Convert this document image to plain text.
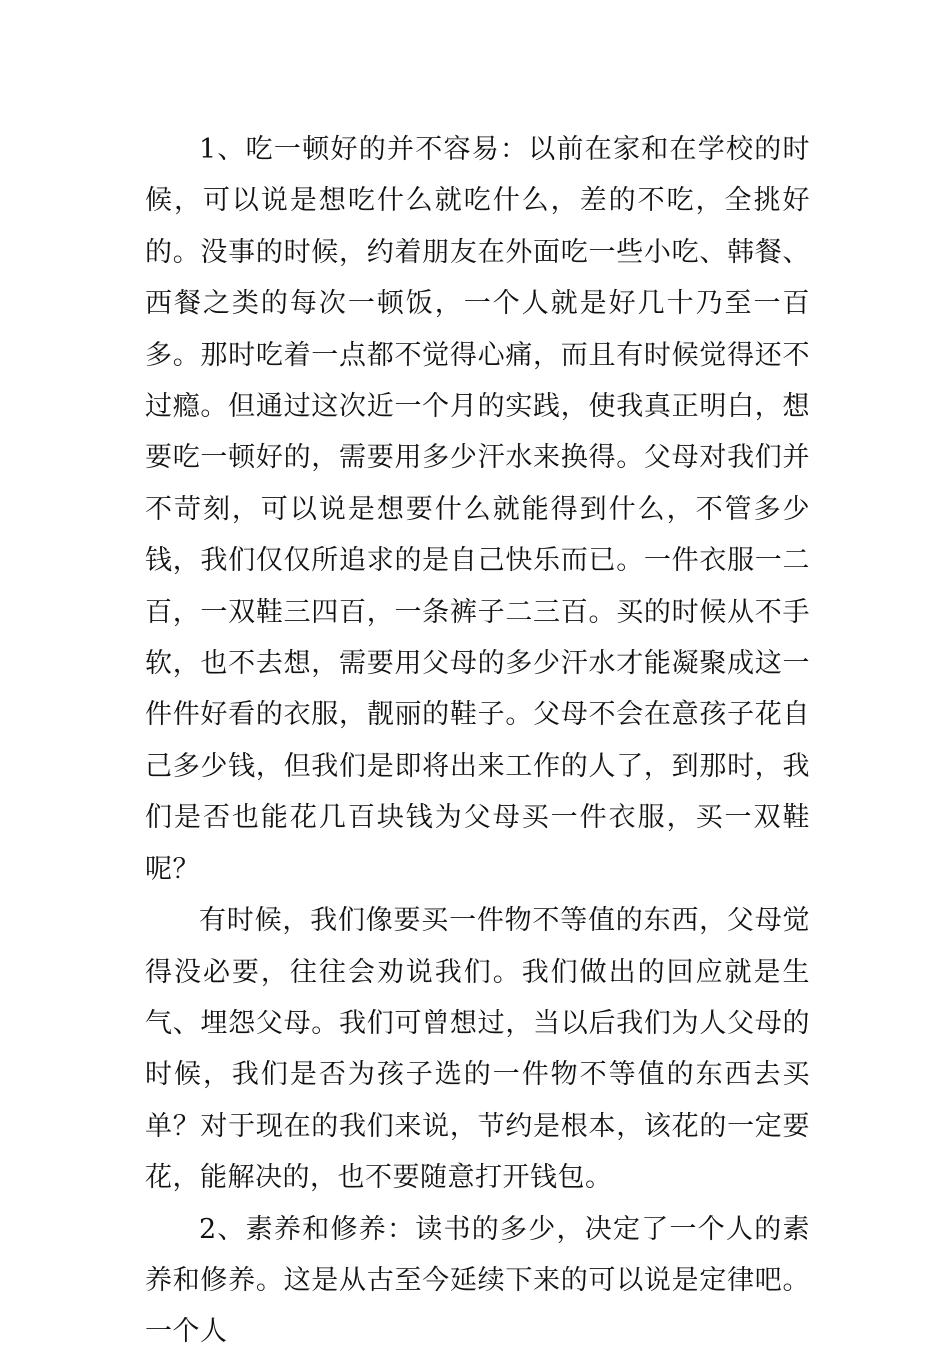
1、吃一顿好的并不容易：以前在家和在学校的时候，可以说是想吃什么就吃什么，差的不吃，全挑好的。没事的时候，约着朋友在外面吃一些小吃、韩餐、西餐之类的每次一顿饭，一个人就是好几十乃至一百多。那时吃着一点都不觉得心痛，而且有时候觉得还不过瘾。但通过这次近一个月的实践，使我真正明白，想要吃一顿好的，需要用多少汗水来换得。父母对我们并不苛刻，可以说是想要什么就能得到什么，不管多少钱，我们仅仅所追求的是自己快乐而已。一件衣服一二百，一双鞋三四百，一条裤子二三百。买的时候从不手软，也不去想，需要用父母的多少汗水才能凝聚成这一件件好看的衣服，靓丽的鞋子。父母不会在意孩子花自己多少钱，但我们是即将出来工作的人了，到那时，我们是否也能花几百块钱为父母买一件衣服，买一双鞋呢？

有时候，我们像要买一件物不等值的东西，父母觉得没必要，往往会劝说我们。我们做出的回应就是生气、埋怨父母。我们可曾想过，当以后我们为人父母的时候，我们是否为孩子选的一件物不等值的东西去买单？对于现在的我们来说，节约是根本，该花的一定要花，能解决的，也不要随意打开钱包。

2、素养和修养：读书的多少，决定了一个人的素养和修养。这是从古至今延续下来的可以说是定律吧。一个人
